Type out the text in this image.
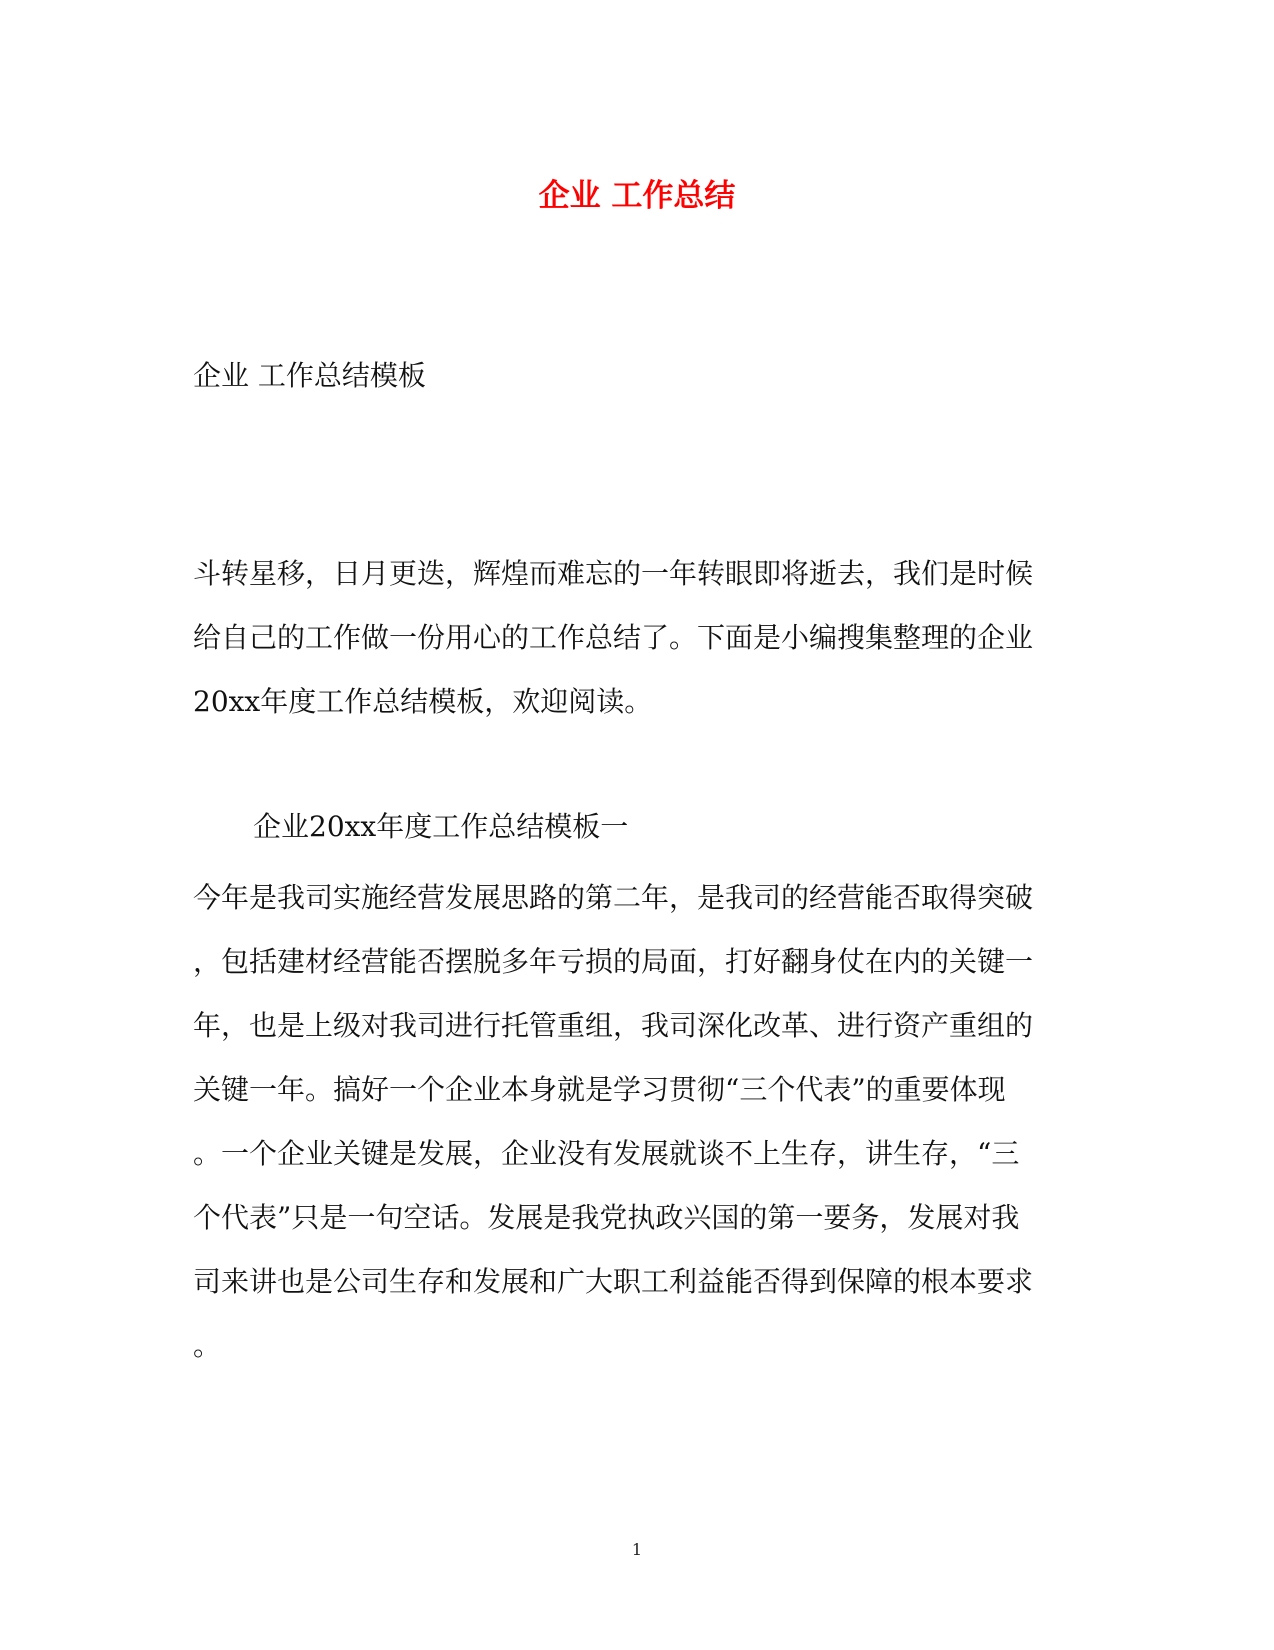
企业 工作总结
企业 工作总结模板
斗转星移，日月更迭，辉煌而难忘的一年转眼即将逝去，我们是时候
给自己的工作做一份用心的工作总结了。下面是小编搜集整理的企业
20xx年度工作总结模板，欢迎阅读。
企业20xx年度工作总结模板一
今年是我司实施经营发展思路的第二年，是我司的经营能否取得突破
，包括建材经营能否摆脱多年亏损的局面，打好翻身仗在内的关键一
年，也是上级对我司进行托管重组，我司深化改革、进行资产重组的
关键一年。搞好一个企业本身就是学习贯彻“三个代表”的重要体现
。一个企业关键是发展，企业没有发展就谈不上生存，讲生存，“三
个代表”只是一句空话。发展是我党执政兴国的第一要务，发展对我
司来讲也是公司生存和发展和广大职工利益能否得到保障的根本要求
。
1
